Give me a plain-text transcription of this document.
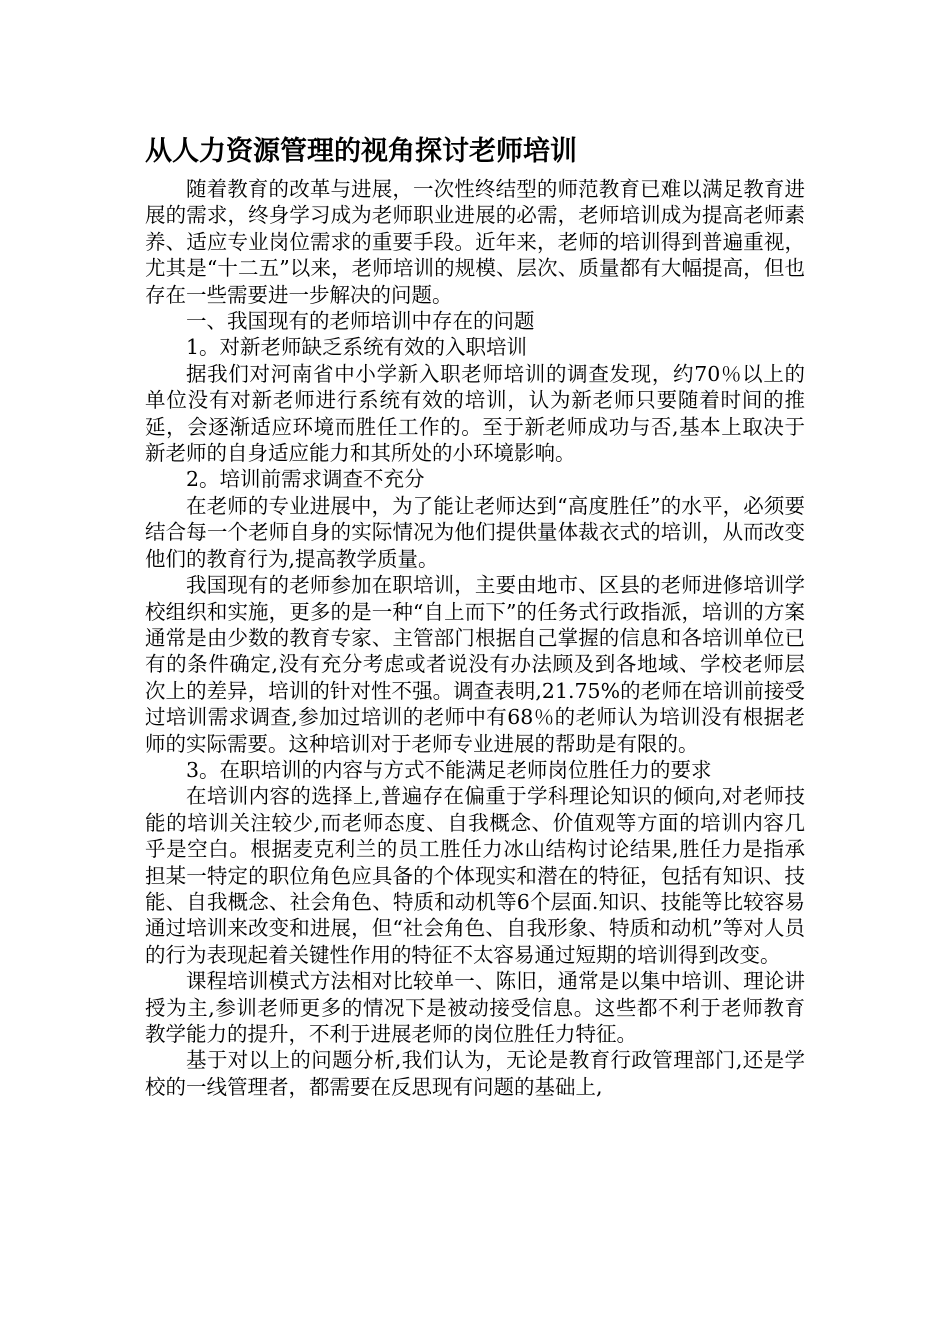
从人力资源管理的视角探讨老师培训

随着教育的改革与进展，一次性终结型的师范教育已难以满足教育进展的需求，终身学习成为老师职业进展的必需，老师培训成为提高老师素养、适应专业岗位需求的重要手段。近年来，老师的培训得到普遍重视，尤其是“十二五”以来，老师培训的规模、层次、质量都有大幅提高，但也存在一些需要进一步解决的问题。

一、我国现有的老师培训中存在的问题

1。对新老师缺乏系统有效的入职培训

据我们对河南省中小学新入职老师培训的调查发现，约70％以上的单位没有对新老师进行系统有效的培训，认为新老师只要随着时间的推延，会逐渐适应环境而胜任工作的。至于新老师成功与否,基本上取决于新老师的自身适应能力和其所处的小环境影响。

2。培训前需求调查不充分

在老师的专业进展中，为了能让老师达到“高度胜任”的水平，必须要结合每一个老师自身的实际情况为他们提供量体裁衣式的培训，从而改变他们的教育行为,提高教学质量。

我国现有的老师参加在职培训，主要由地市、区县的老师进修培训学校组织和实施，更多的是一种“自上而下”的任务式行政指派，培训的方案通常是由少数的教育专家、主管部门根据自己掌握的信息和各培训单位已有的条件确定,没有充分考虑或者说没有办法顾及到各地域、学校老师层次上的差异，培训的针对性不强。调查表明,21.75%的老师在培训前接受过培训需求调查,参加过培训的老师中有68％的老师认为培训没有根据老师的实际需要。这种培训对于老师专业进展的帮助是有限的。

3。在职培训的内容与方式不能满足老师岗位胜任力的要求

在培训内容的选择上,普遍存在偏重于学科理论知识的倾向,对老师技能的培训关注较少,而老师态度、自我概念、价值观等方面的培训内容几乎是空白。根据麦克利兰的员工胜任力冰山结构讨论结果,胜任力是指承担某一特定的职位角色应具备的个体现实和潜在的特征，包括有知识、技能、自我概念、社会角色、特质和动机等6个层面.知识、技能等比较容易通过培训来改变和进展，但“社会角色、自我形象、特质和动机”等对人员的行为表现起着关键性作用的特征不太容易通过短期的培训得到改变。

课程培训模式方法相对比较单一、陈旧，通常是以集中培训、理论讲授为主,参训老师更多的情况下是被动接受信息。这些都不利于老师教育教学能力的提升，不利于进展老师的岗位胜任力特征。

基于对以上的问题分析,我们认为，无论是教育行政管理部门,还是学校的一线管理者，都需要在反思现有问题的基础上,
